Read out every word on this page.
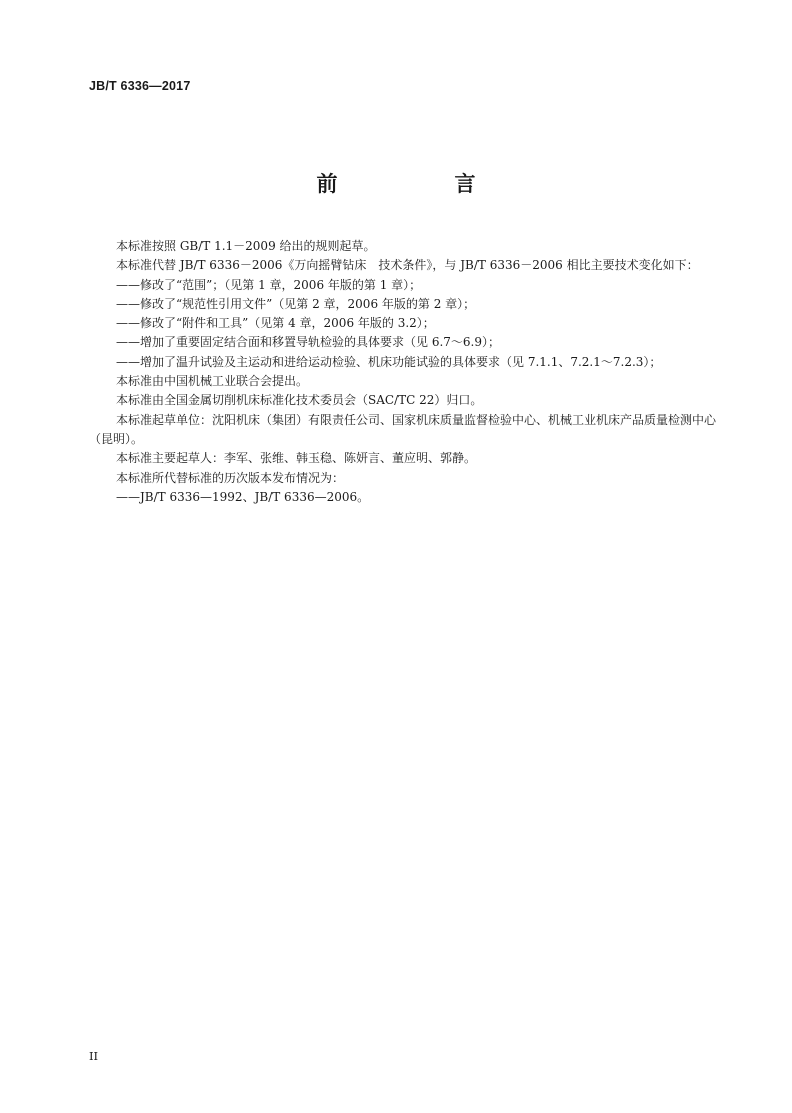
JB/T 6336—2017
前　言

本标准按照 GB/T 1.1－2009 给出的规则起草。

本标准代替 JB/T 6336－2006《万向摇臂钻床　技术条件》，与 JB/T 6336－2006 相比主要技术变化如下：

——修改了“范围”；（见第 1 章，2006 年版的第 1 章）；

——修改了“规范性引用文件”（见第 2 章，2006 年版的第 2 章）；

——修改了“附件和工具”（见第 4 章，2006 年版的 3.2）；

——增加了重要固定结合面和移置导轨检验的具体要求（见 6.7～6.9）；

——增加了温升试验及主运动和进给运动检验、机床功能试验的具体要求（见 7.1.1、7.2.1～7.2.3）；

本标准由中国机械工业联合会提出。

本标准由全国金属切削机床标准化技术委员会（SAC/TC 22）归口。

本标准起草单位：沈阳机床（集团）有限责任公司、国家机床质量监督检验中心、机械工业机床产品质量检测中心（昆明）。

本标准主要起草人：李军、张维、韩玉稳、陈妍言、董应明、郭静。

本标准所代替标准的历次版本发布情况为：

——JB/T 6336—1992、JB/T 6336—2006。

II
